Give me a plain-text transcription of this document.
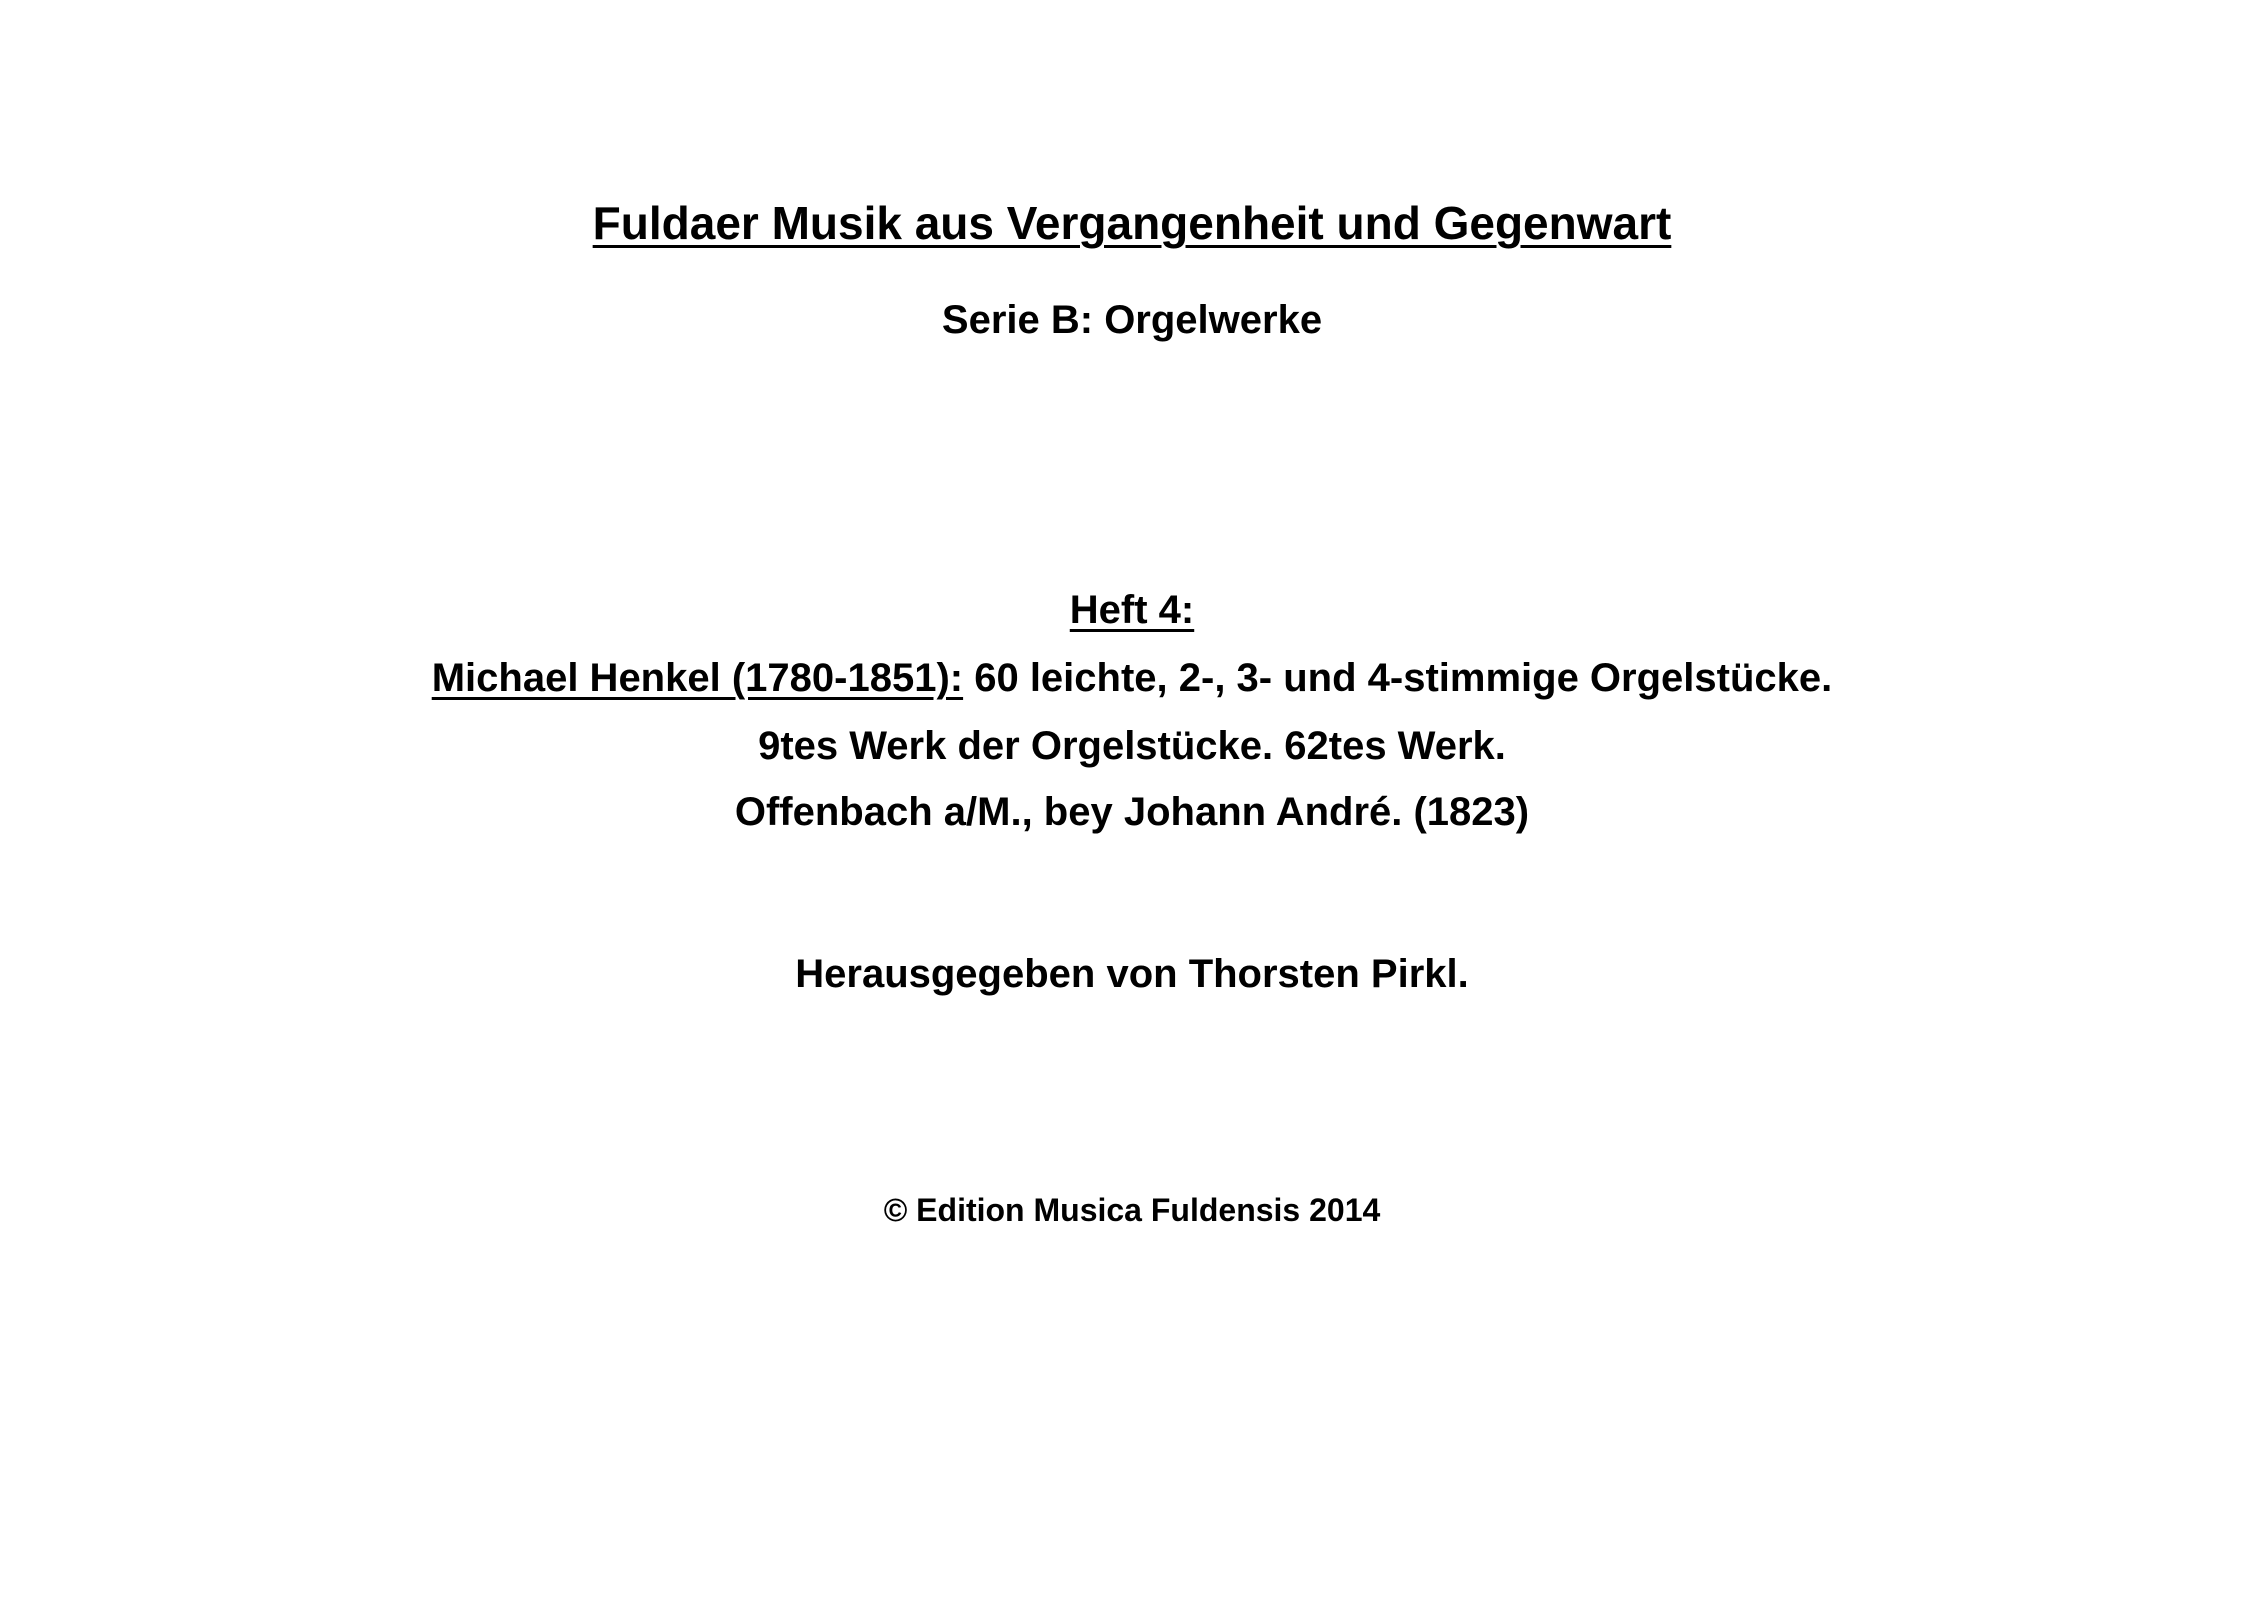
Fuldaer Musik aus Vergangenheit und Gegenwart
Serie B: Orgelwerke
Heft 4:
Michael Henkel (1780-1851): 60 leichte, 2-, 3- und 4-stimmige Orgelstücke.
9tes Werk der Orgelstücke. 62tes Werk.
Offenbach a/M., bey Johann André. (1823)
Herausgegeben von Thorsten Pirkl.
© Edition Musica Fuldensis 2014
